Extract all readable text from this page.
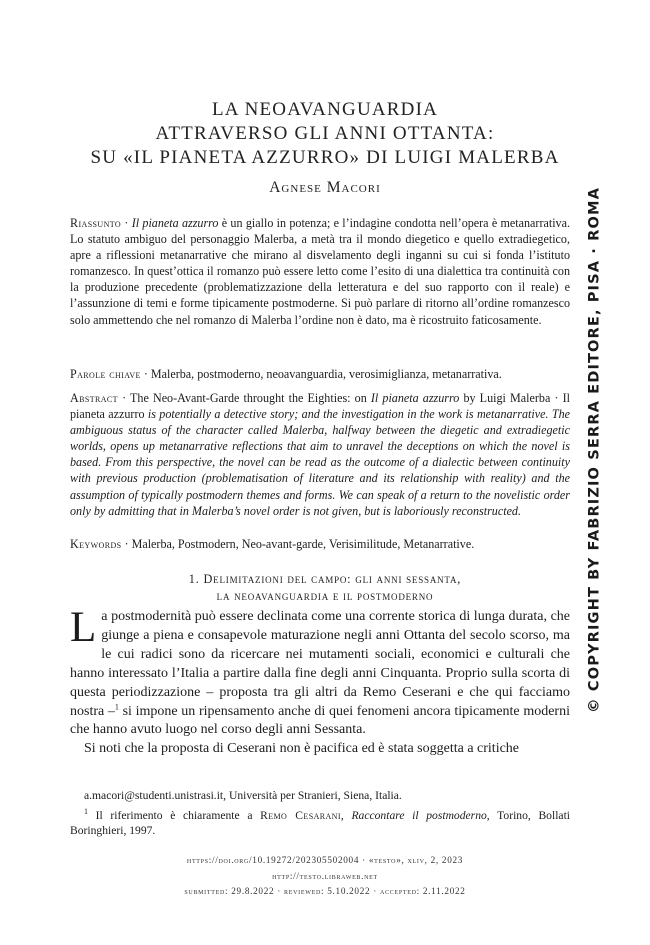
LA NEOAVANGUARDIA
ATTRAVERSO GLI ANNI OTTANTA:
SU «IL PIANETA AZZURRO» DI LUIGI MALERBA
Agnese Macori
Riassunto · Il pianeta azzurro è un giallo in potenza; e l’indagine condotta nell’opera è metanarrativa. Lo statuto ambiguo del personaggio Malerba, a metà tra il mondo diegetico e quello extradiegetico, apre a riflessioni metanarrative che mirano al disvelamento degli inganni su cui si fonda l’istituto romanzesco. In quest’ottica il romanzo può essere letto come l’esito di una dialettica tra continuità con la produzione precedente (problematizzazione della letteratura e del suo rapporto con il reale) e l’assunzione di temi e forme tipicamente postmoderne. Si può parlare di ritorno all’ordine romanzesco solo ammettendo che nel romanzo di Malerba l’ordine non è dato, ma è ricostruito faticosamente.
Parole chiave · Malerba, postmoderno, neoavanguardia, verosimiglianza, metanarrativa.
Abstract · The Neo-Avant-Garde throught the Eighties: on Il pianeta azzurro by Luigi Malerba · Il pianeta azzurro is potentially a detective story; and the investigation in the work is metanarrative. The ambiguous status of the character called Malerba, halfway between the diegetic and extradiegetic worlds, opens up metanarrative reflections that aim to unravel the deceptions on which the novel is based. From this perspective, the novel can be read as the outcome of a dialectic between continuity with previous production (problematisation of literature and its relationship with reality) and the assumption of typically postmodern themes and forms. We can speak of a return to the novelistic order only by admitting that in Malerba’s novel order is not given, but is laboriously reconstructed.
Keywords · Malerba, Postmodern, Neo-avant-garde, Verisimilitude, Metanarrative.
1. Delimitazioni del campo: gli anni sessanta,
la neoavanguardia e il postmoderno
La postmodernità può essere declinata come una corrente storica di lunga durata, che giunge a piena e consapevole maturazione negli anni Ottanta del secolo scorso, ma le cui radici sono da ricercare nei mutamenti sociali, economici e culturali che hanno interessato l’Italia a partire dalla fine degli anni Cinquanta. Proprio sulla scorta di questa periodizzazione – proposta tra gli altri da Remo Ceserani e che qui facciamo nostra –$^1$ si impone un ripensamento anche di quei fenomeni ancora tipicamente moderni che hanno avuto luogo nel corso degli anni Sessanta.
Si noti che la proposta di Ceserani non è pacifica ed è stata soggetta a critiche
a.macori@studenti.unistrasi.it, Università per Stranieri, Siena, Italia.
$^1$ Il riferimento è chiaramente a Remo Cesarani, Raccontare il postmoderno, Torino, Bollati Boringhieri, 1997.
https://doi.org/10.19272/202305502004 · «testo», xliv, 2, 2023
http://testo.libraweb.net
submitted: 29.8.2022 · reviewed: 5.10.2022 · accepted: 2.11.2022
© COPYRIGHT BY FABRIZIO SERRA EDITORE, PISA · ROMA
